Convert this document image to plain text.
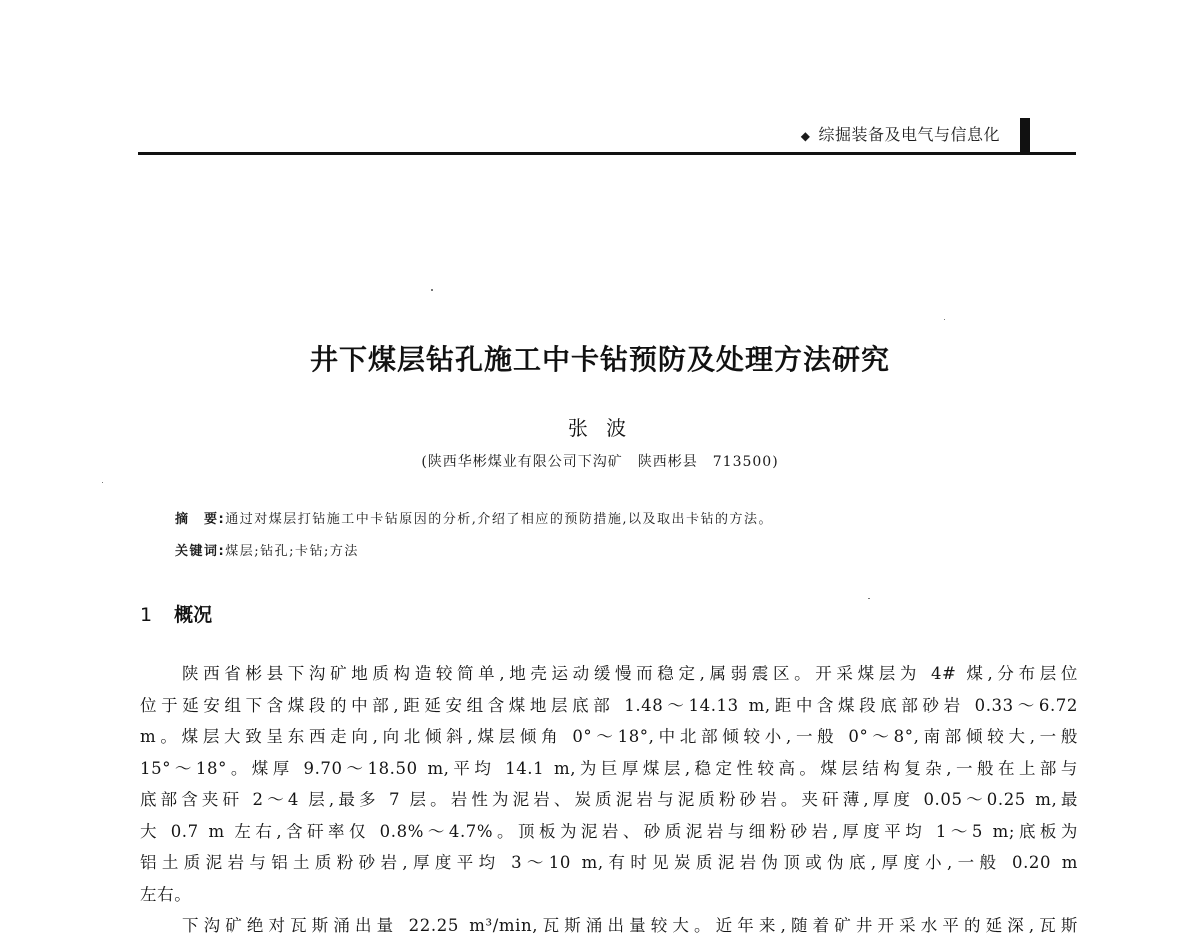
◆ 综掘装备及电气与信息化
井下煤层钻孔施工中卡钻预防及处理方法研究
张 波
(陕西华彬煤业有限公司下沟矿　陕西彬县　713500)
摘　要:通过对煤层打钻施工中卡钻原因的分析,介绍了相应的预防措施,以及取出卡钻的方法。
关键词:煤层;钻孔;卡钻;方法
1 概况
陕西省彬县下沟矿地质构造较简单,地壳运动缓慢而稳定,属弱震区。开采煤层为 4# 煤,分布层位
位于延安组下含煤段的中部,距延安组含煤地层底部 1.48～14.13 m,距中含煤段底部砂岩 0.33～6.72
m。煤层大致呈东西走向,向北倾斜,煤层倾角 0°～18°,中北部倾较小,一般 0°～8°,南部倾较大,一般
15°～18°。煤厚 9.70～18.50 m,平均 14.1 m,为巨厚煤层,稳定性较高。煤层结构复杂,一般在上部与
底部含夹矸 2～4 层,最多 7 层。岩性为泥岩、炭质泥岩与泥质粉砂岩。夹矸薄,厚度 0.05～0.25 m,最
大 0.7 m 左右,含矸率仅 0.8%～4.7%。顶板为泥岩、砂质泥岩与细粉砂岩,厚度平均 1～5 m;底板为
铝土质泥岩与铝土质粉砂岩,厚度平均 3～10 m,有时见炭质泥岩伪顶或伪底,厚度小,一般 0.20 m
左右。
下沟矿绝对瓦斯涌出量 22.25 m³/min,瓦斯涌出量较大。近年来,随着矿井开采水平的延深,瓦斯
